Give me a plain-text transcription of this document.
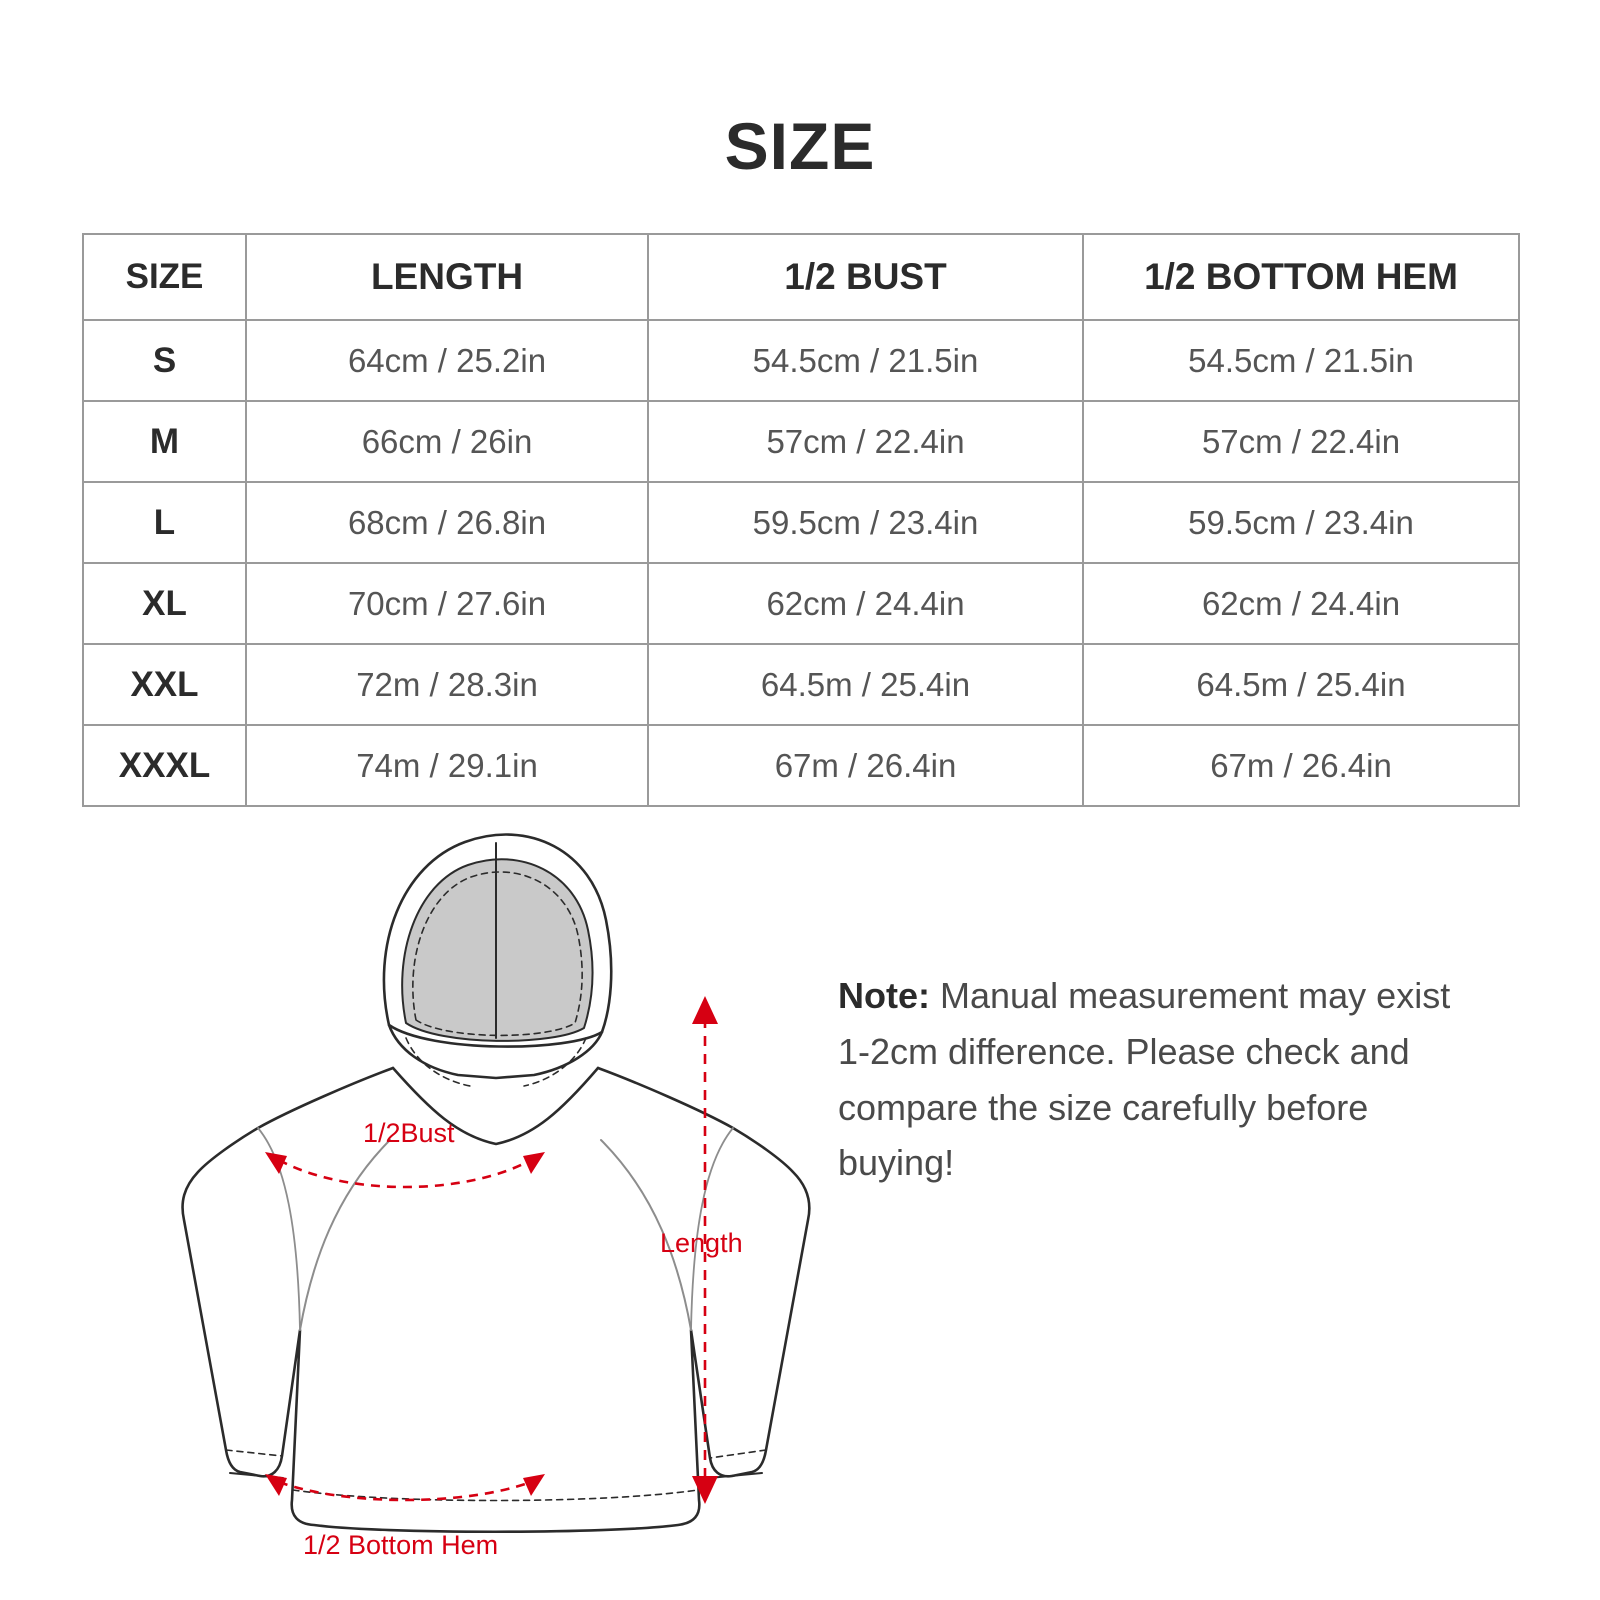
SIZE
SIZE	LENGTH	1/2 BUST	1/2 BOTTOM HEM
S	64cm / 25.2in	54.5cm / 21.5in	54.5cm / 21.5in
M	66cm / 26in	57cm / 22.4in	57cm / 22.4in
L	68cm / 26.8in	59.5cm / 23.4in	59.5cm / 23.4in
XL	70cm / 27.6in	62cm / 24.4in	62cm / 24.4in
XXL	72m / 28.3in	64.5m / 25.4in	64.5m / 25.4in
XXXL	74m / 29.1in	67m / 26.4in	67m / 26.4in
Note: Manual measurement may exist 1-2cm difference. Please check and compare the size carefully before buying!
1/2Bust
1/2 Bottom Hem
Length
